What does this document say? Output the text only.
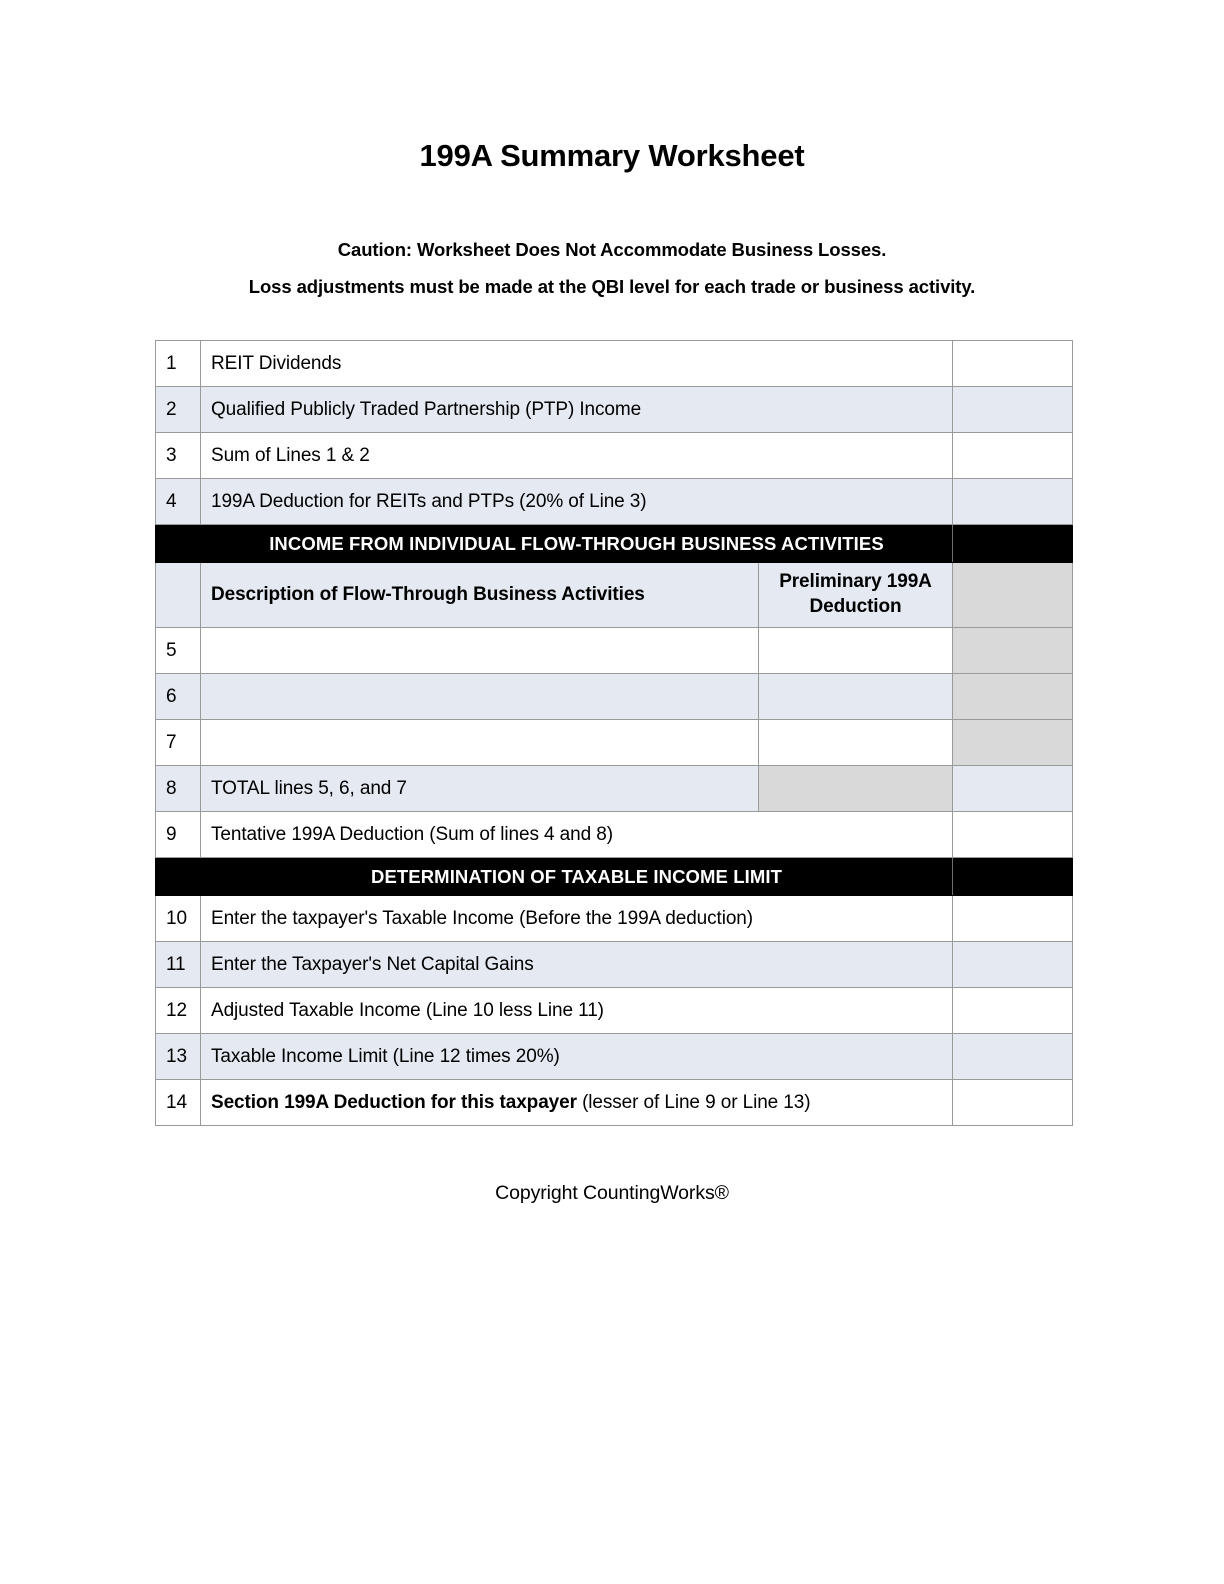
199A Summary Worksheet
Caution: Worksheet Does Not Accommodate Business Losses.
Loss adjustments must be made at the QBI level for each trade or business activity.
1	REIT Dividends		
2	Qualified Publicly Traded Partnership (PTP) Income		
3	Sum of Lines 1 & 2		
4	199A Deduction for REITs and PTPs (20% of Line 3)		
	INCOME FROM INDIVIDUAL FLOW-THROUGH BUSINESS ACTIVITIES		
	Description of Flow-Through Business Activities	Preliminary 199A Deduction	
5			
6			
7			
8	TOTAL lines 5, 6, and 7		
9	Tentative 199A Deduction (Sum of lines 4 and 8)		
	DETERMINATION OF TAXABLE INCOME LIMIT		
10	Enter the taxpayer's Taxable Income (Before the 199A deduction)		
11	Enter the Taxpayer's Net Capital Gains		
12	Adjusted Taxable Income (Line 10 less Line 11)		
13	Taxable Income Limit (Line 12 times 20%)		
14	Section 199A Deduction for this taxpayer (lesser of Line 9 or Line 13)		
Copyright CountingWorks®
